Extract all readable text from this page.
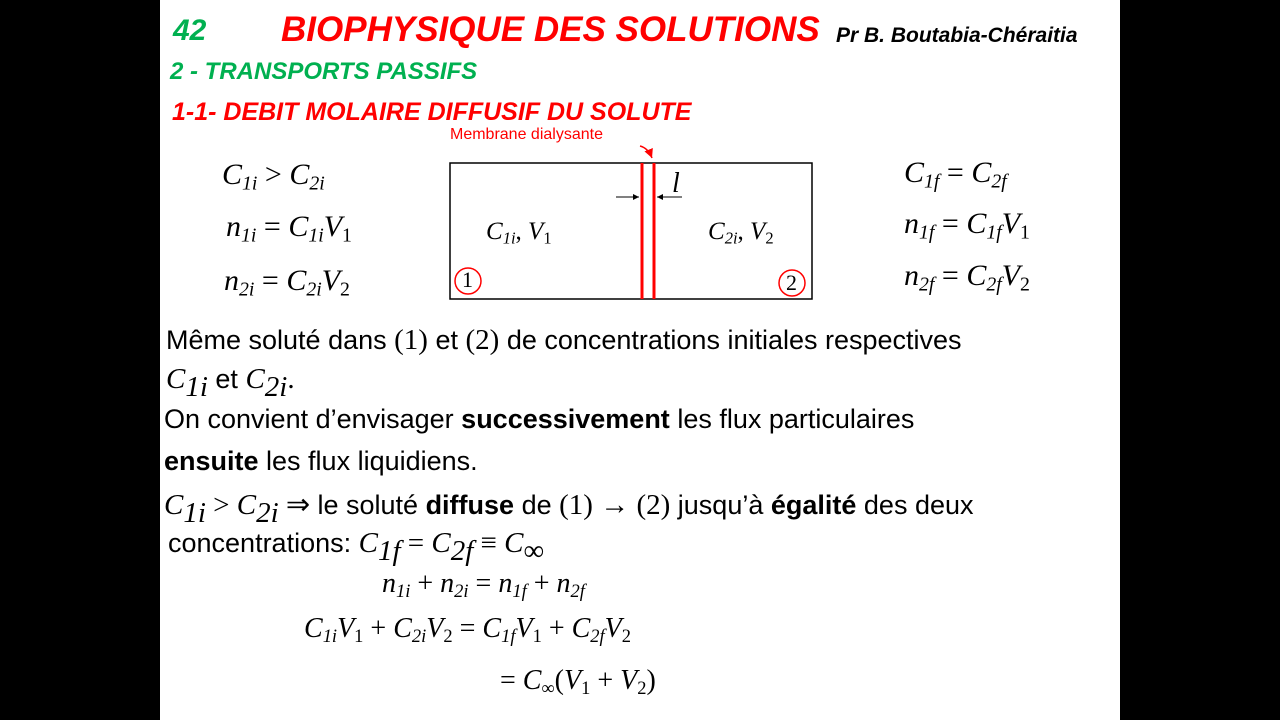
42 BIOPHYSIQUE DES SOLUTIONS Pr B. Boutabia-Chéraitia
2 - TRANSPORTS PASSIFS
1-1- DEBIT MOLAIRE DIFFUSIF DU SOLUTE
$C_{1i} > C_{2i}$
$n_{1i} = C_{1i}V_1$
$n_{2i} = C_{2i}V_2$
Membrane dialysante
l
$C_{1i}$, $V_1$	$C_{2i}$, $V_2$
1	2
$C_{1f} = C_{2f}$
$n_{1f} = C_{1f}V_1$
$n_{2f} = C_{2f}V_2$
Même soluté dans (1) et (2) de concentrations initiales respectives
$C_{1i}$ et $C_{2i}$.
On convient d’envisager successivement les flux particulaires
ensuite les flux liquidiens.
$C_{1i} > C_{2i}$ ⇒ le soluté diffuse de (1) → (2) jusqu’à égalité des deux
concentrations: $C_{1f} = C_{2f} \equiv C_\infty$
$n_{1i} + n_{2i} = n_{1f} + n_{2f}$
$C_{1i}V_1 + C_{2i}V_2 = C_{1f}V_1 + C_{2f}V_2$
= $C_\infty(V_1 + V_2)$
